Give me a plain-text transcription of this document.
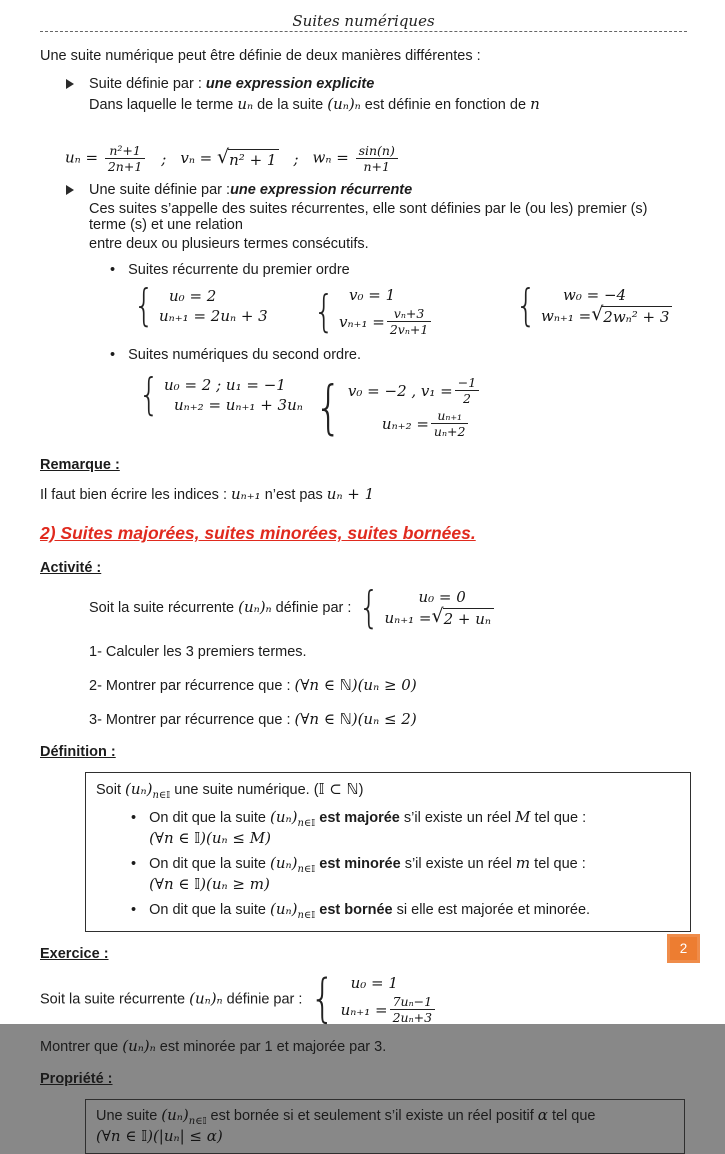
Suites numériques

Une suite numérique peut être définie de deux manières différentes :

Suite définie par : une expression explicite

Dans laquelle le terme uₙ de la suite (uₙ)ₙ est définie en fonction de n

$u_n = \frac{\text{n²+1}}{2n+1}$ ; vₙ = √ n² + 1 ; $w_n = \frac{\sin(n)}{n+1}$
Une suite définie par :une expression récurrente

Ces suites s’appelle des suites récurrentes, elle sont définies par le (ou les) premier (s) terme (s) et une relation

entre deux ou plusieurs termes consécutifs.

• Suites récurrente du premier ordre
{ u₀ = 2
uₙ₊₁ = 2uₙ + 3 { v₀ = 1
$v_{n+1} = \frac{\text{vₙ+3}}{\text{2vₙ+1}}$ {	w₀ = −4
wₙ₊₁ = √ 2wₙ² + 3
• Suites numériques du second ordre.
{ u₀ = 2 ; u₁ = −1
uₙ₊₂ = uₙ₊₁ + 3uₙ { v₀ = −2 , $v_1 = \frac{-1}{2}$
$u_{n+2} = \frac{\text{uₙ₊₁}}{\text{uₙ+2}}$

Remarque :

Il faut bien écrire les indices : uₙ₊₁ n’est pas uₙ + 1

2) Suites majorées, suites minorées, suites bornées.

Activité :

Soit la suite récurrente (uₙ)ₙ définie par : {	u₀ = 0
uₙ₊₁ = √ 2 + uₙ

1- Calculer les 3 premiers termes.

2- Montrer par récurrence que : (∀n ∈ ℕ)(uₙ ≥ 0)

3- Montrer par récurrence que : (∀n ∈ ℕ)(uₙ ≤ 2)

Définition :

Soit $(u_n)_{n\in 𝕀}$ une suite numérique. (𝕀 ⊂ ℕ)

• On dit que la suite $(u_n)_{n\in 𝕀}$ est majorée s’il existe un réel M tel que :(∀n ∈ 𝕀)(uₙ ≤ M)
• On dit que la suite $(u_n)_{n\in 𝕀}$ est minorée s’il existe un réel m tel que :(∀n ∈ 𝕀)(uₙ ≥ m)
• On dit que la suite $(u_n)_{n\in 𝕀}$ est bornée si elle est majorée et minorée.

Exercice :

Soit la suite récurrente (uₙ)ₙ définie par : {	u₀ = 1
$u_{n+1} = \frac{\text{7uₙ−1}}{\text{2uₙ+3}}$

Montrer que (uₙ)ₙ est minorée par 1 et majorée par 3.

Propriété :

Une suite $(u_n)_{n\in 𝕀}$ est bornée si et seulement s’il existe un réel positif α tel que (∀n ∈ 𝕀)(|uₙ| ≤ α)

2
